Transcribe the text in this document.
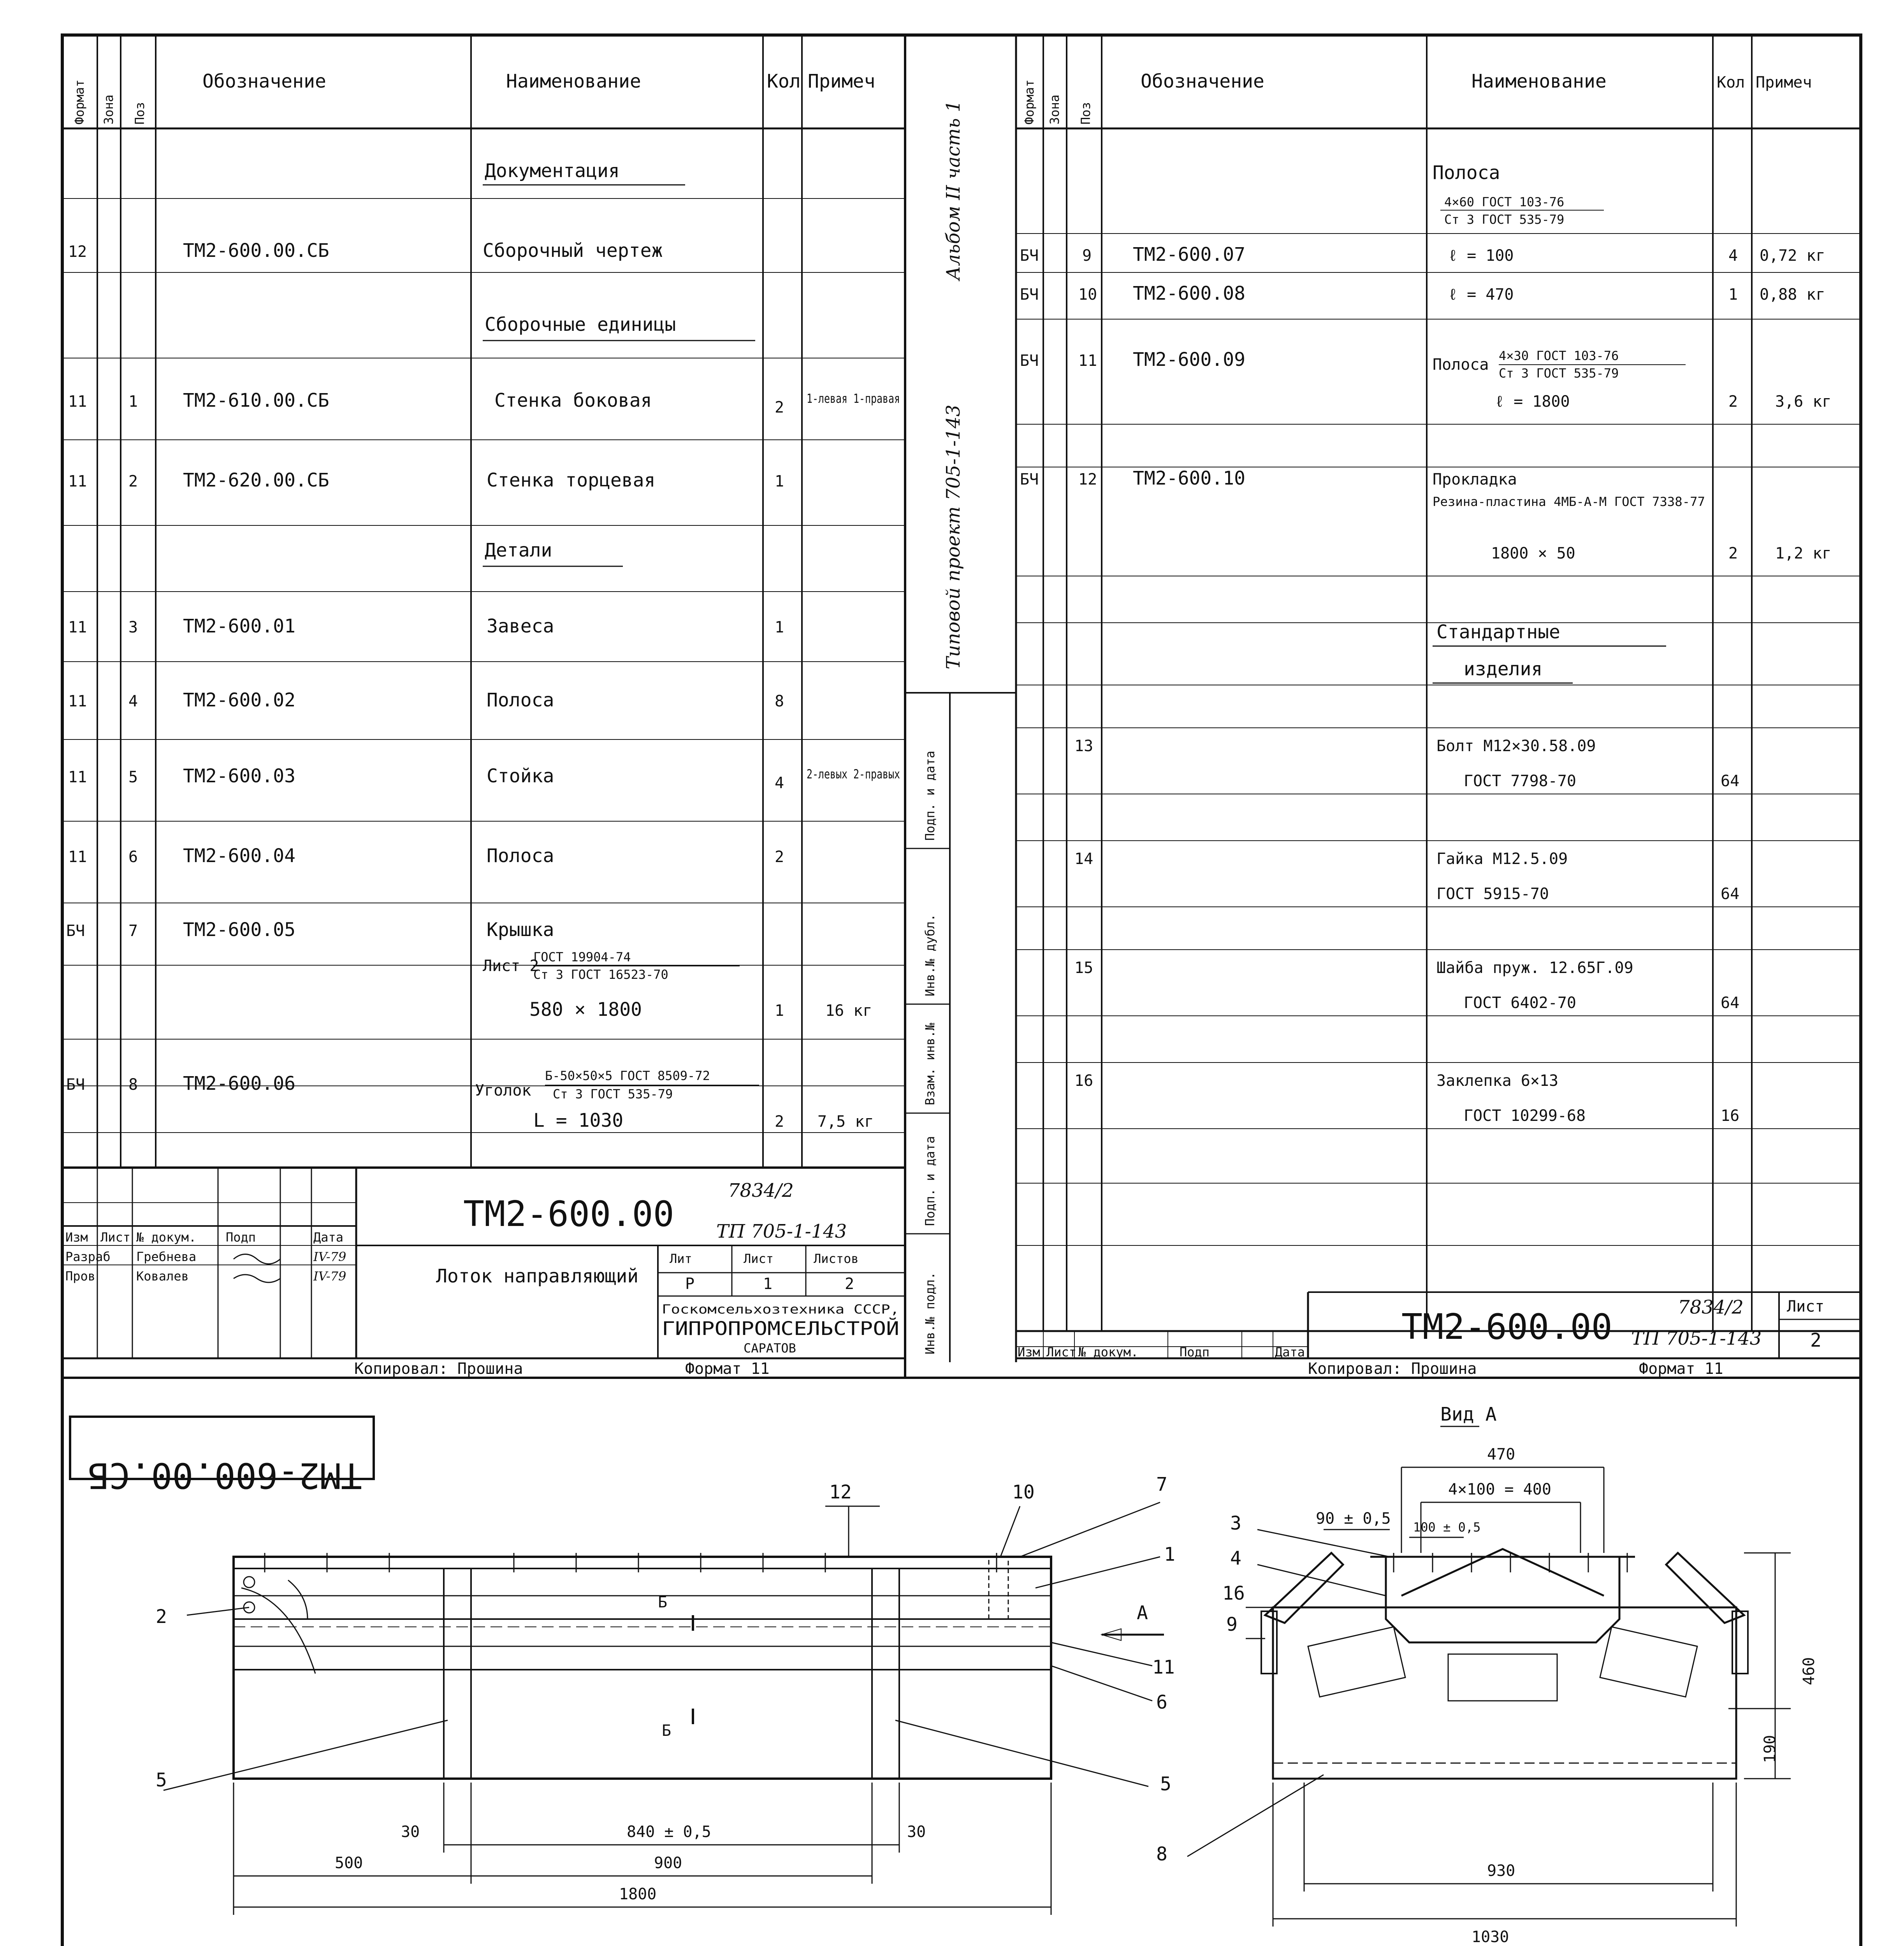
Формат Зона Поз
Обозначение	Наименование	Кол Примеч
Документация
Сборочные единицы
Детали
12	ТМ2-600.00.СБ	Сборочный чертеж
11	1 ТМ2-610.00.СБ	Стенка боковая	2 1-левая 1-правая
11	2 ТМ2-620.00.СБ	Стенка торцевая	1
11	3 ТМ2-600.01	Завеса	1
11	4 ТМ2-600.02	Полоса	8
11	5 ТМ2-600.03	Стойка	4 2-левых 2-правых
11	6 ТМ2-600.04	Полоса	2
БЧ	7 ТМ2-600.05	Крышка
Лист 2
ГОСТ 19904-74
Ст 3 ГОСТ 16523-70
580 × 1800	1	16 кг
БЧ	8 ТМ2-600.06	Уголок
Б-50×50×5 ГОСТ 8509-72
Ст 3 ГОСТ 535-79
L = 1030	2 7,5 кг
ТМ2-600.00
7834/2
ТП 705-1-143
Изм Лист № докум. Подп	Дата
Разраб Гребнева	IV-79
Пров	Ковалев	IV-79	Лоток направляющий
Лит	Лист	Листов
Р	1	2
Госкомсельхозтехника СССР,
ГИПРОПРОМСЕЛЬСТРОЙ
САРАТОВ
Копировал: Прошина	Формат 11
Альбом II часть 1
Типовой проект 705-1-143
Инв.№ подл.
Подп. и дата
Взам. инв.№
Инв.№ дубл.
Подп. и дата
Формат Зона Поз
Обозначение	Наименование	Кол Примеч
Полоса
4×60 ГОСТ 103-76
Ст 3 ГОСТ 535-79
БЧ	9 ТМ2-600.07	ℓ = 100	4 0,72 кг
БЧ	10 ТМ2-600.08	ℓ = 470	1 0,88 кг
БЧ	11 ТМ2-600.09	Полоса 4×30 ГОСТ 103-76
Ст 3 ГОСТ 535-79
ℓ = 1800	2 3,6 кг
БЧ	12 ТМ2-600.10	Прокладка
Резина-пластина 4МБ-А-М ГОСТ 7338-77
1800 × 50	2 1,2 кг
Стандартные
изделия
13	Болт М12×30.58.09
ГОСТ 7798-70	64
14	Гайка М12.5.09
ГОСТ 5915-70	64
15	Шайба пруж. 12.65Г.09
ГОСТ 6402-70	64
16	Заклепка 6×13
ГОСТ 10299-68	16
Изм Лист № докум.	Подп	Дата
ТМ2-600.00	7834/2
ТП 705-1-143
Лист
2
Копировал: Прошина	Формат 11
ТМ2-600.00.СБ
Б
Б
А
2
5	5
12	10	7
1
11
6
30	30
840 ± 0,5
500	900
1800
Вид А
3
4
16
9
8
470
4×100 = 400
90 ± 0,5 100 ± 0,5
460
190
930
1030
